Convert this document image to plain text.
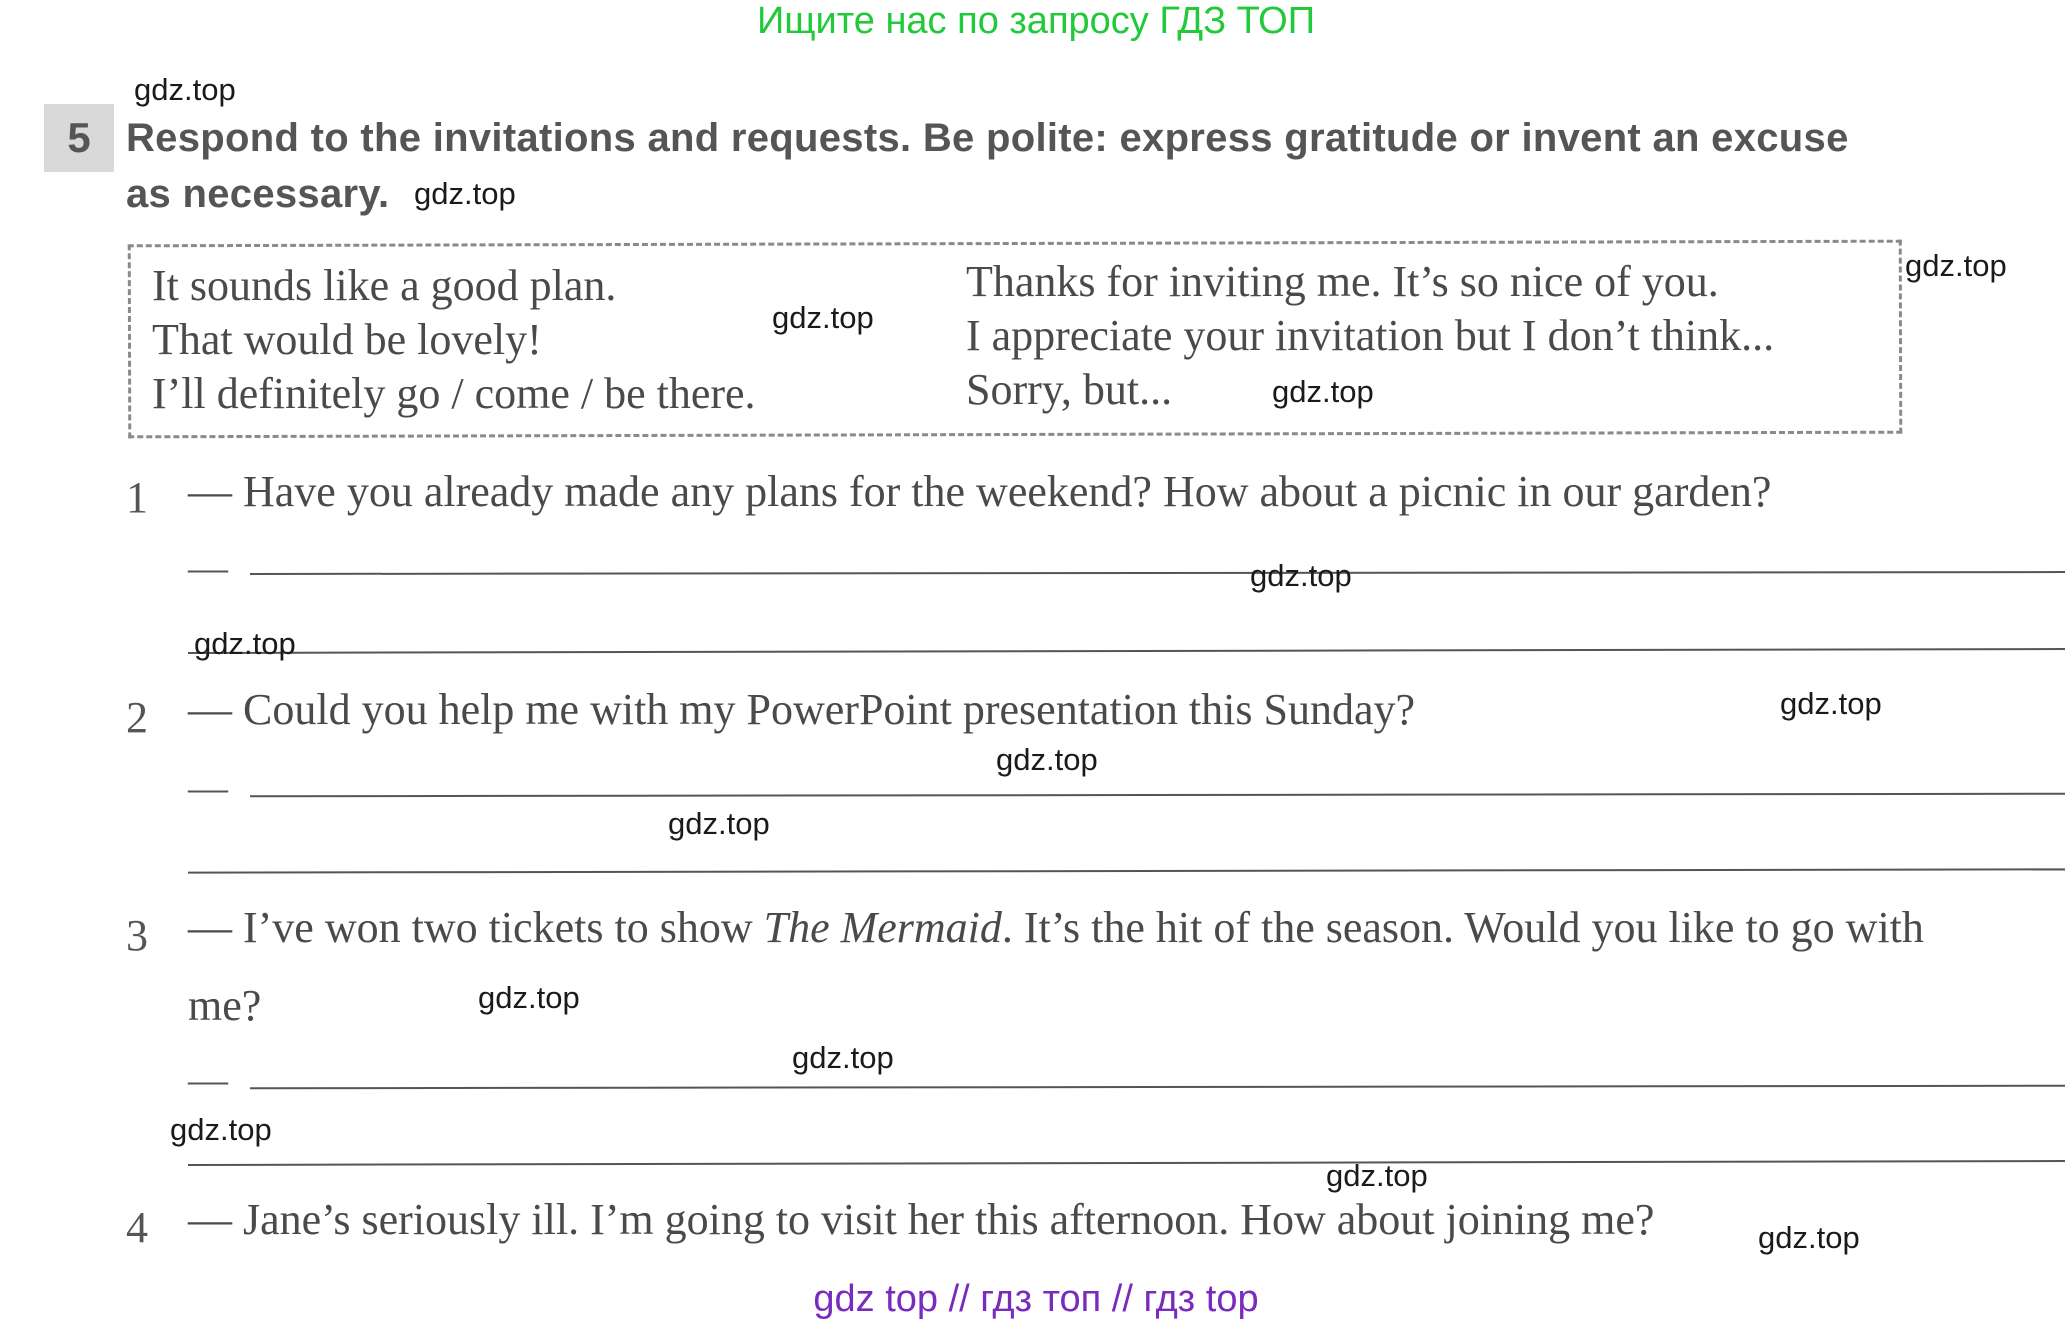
Ищите нас по запросу ГДЗ ТОП
5 Respond to the invitations and requests. Be polite: express gratitude or invent an excuse
as necessary.
It sounds like a good plan.
That would be lovely!
I’ll definitely go / come / be there.
Thanks for inviting me. It’s so nice of you.
I appreciate your invitation but I don’t think...
Sorry, but...
1 — Have you already made any plans for the weekend? How about a picnic in our garden?
—
2 — Could you help me with my PowerPoint presentation this Sunday?
—
3 — I’ve won two tickets to show The Mermaid. It’s the hit of the season. Would you like to go with
me?
—
4 — Jane’s seriously ill. I’m going to visit her this afternoon. How about joining me?
gdz.top
gdz.top
gdz.top
gdz.top
gdz.top
gdz.top
gdz.top
gdz.top
gdz.top
gdz.top
gdz.top
gdz.top
gdz.top
gdz.top
gdz.top
gdz top // гдз топ // гдз top
